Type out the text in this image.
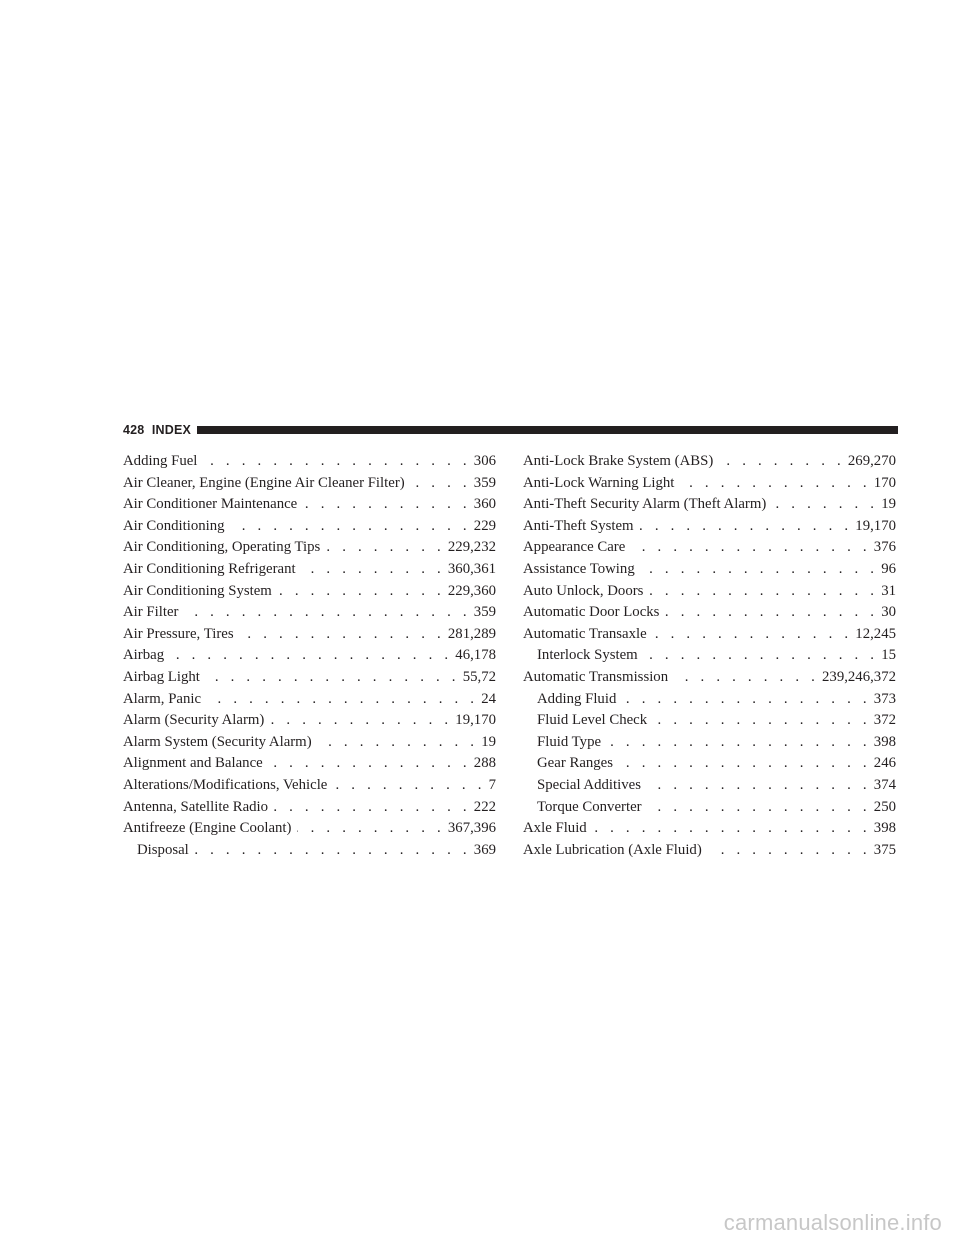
428
INDEX
Adding Fuel . . .	306
Air Cleaner, Engine (Engine Air Cleaner Filter) . . .	359
Air Conditioner Maintenance . . .	360
Air Conditioning . . .	229
Air Conditioning, Operating Tips . . .	229,232
Air Conditioning Refrigerant . . .	360,361
Air Conditioning System . . .	229,360
Air Filter . . .	359
Air Pressure, Tires . . .	281,289
Airbag . . .	46,178
Airbag Light . . .	55,72
Alarm, Panic . . .	24
Alarm (Security Alarm) . . .	19,170
Alarm System (Security Alarm) . . .	19
Alignment and Balance . . .	288
Alterations/Modifications, Vehicle . . .	7
Antenna, Satellite Radio . . .	222
Antifreeze (Engine Coolant) . . .	367,396
Disposal . . .	369
Anti-Lock Brake System (ABS) . . .	269,270
Anti-Lock Warning Light . . .	170
Anti-Theft Security Alarm (Theft Alarm) . . .	19
Anti-Theft System . . .	19,170
Appearance Care . . .	376
Assistance Towing . . .	96
Auto Unlock, Doors . . .	31
Automatic Door Locks . . .	30
Automatic Transaxle . . .	12,245
Interlock System . . .	15
Automatic Transmission . . .	239,246,372
Adding Fluid . . .	373
Fluid Level Check . . .	372
Fluid Type . . .	398
Gear Ranges . . .	246
Special Additives . . .	374
Torque Converter . . .	250
Axle Fluid . . .	398
Axle Lubrication (Axle Fluid) . . .	375
carmanualsonline.info
